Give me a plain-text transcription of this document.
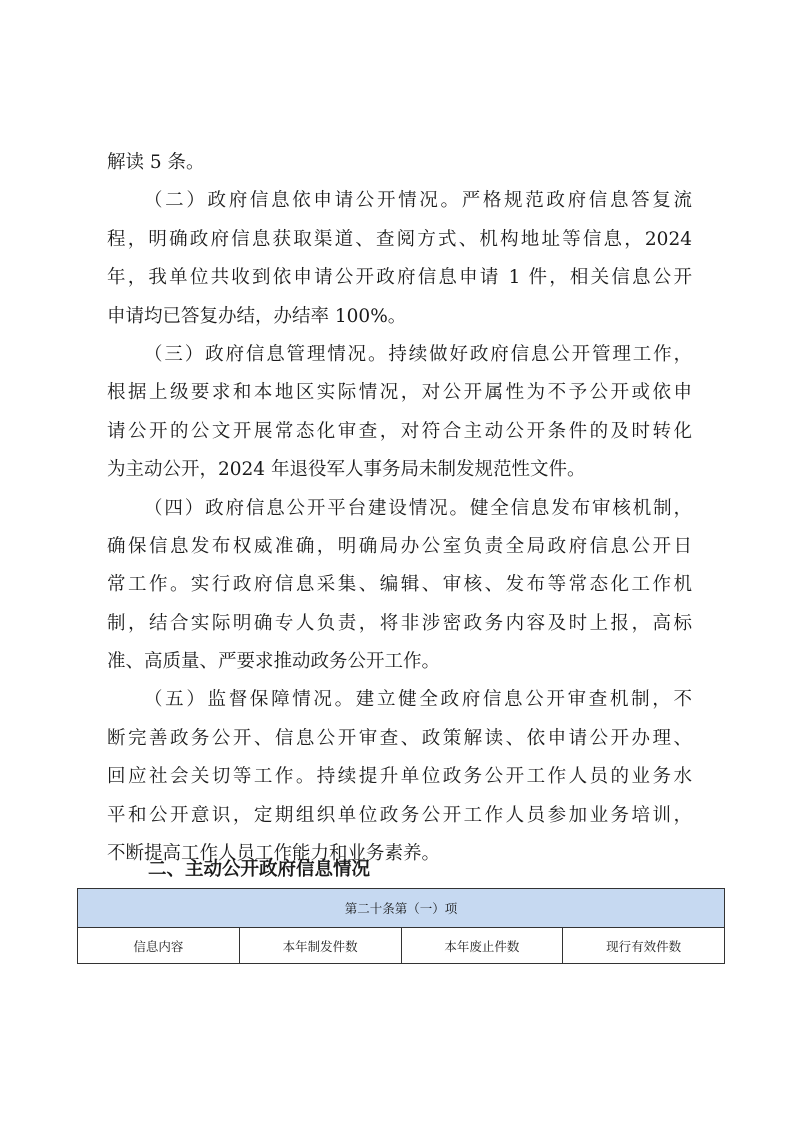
解读 5 条。
（二）政府信息依申请公开情况。严格规范政府信息答复流
程，明确政府信息获取渠道、查阅方式、机构地址等信息，2024
年，我单位共收到依申请公开政府信息申请 1 件，相关信息公开
申请均已答复办结，办结率 100%。
（三）政府信息管理情况。持续做好政府信息公开管理工作，
根据上级要求和本地区实际情况，对公开属性为不予公开或依申
请公开的公文开展常态化审查，对符合主动公开条件的及时转化
为主动公开，2024 年退役军人事务局未制发规范性文件。
（四）政府信息公开平台建设情况。健全信息发布审核机制，
确保信息发布权威准确，明确局办公室负责全局政府信息公开日
常工作。实行政府信息采集、编辑、审核、发布等常态化工作机
制，结合实际明确专人负责，将非涉密政务内容及时上报，高标
准、高质量、严要求推动政务公开工作。
（五）监督保障情况。建立健全政府信息公开审查机制，不
断完善政务公开、信息公开审查、政策解读、依申请公开办理、
回应社会关切等工作。持续提升单位政务公开工作人员的业务水
平和公开意识，定期组织单位政务公开工作人员参加业务培训，
不断提高工作人员工作能力和业务素养。
二、主动公开政府信息情况
第二十条第（一）项
信息内容	本年制发件数	本年废止件数	现行有效件数
